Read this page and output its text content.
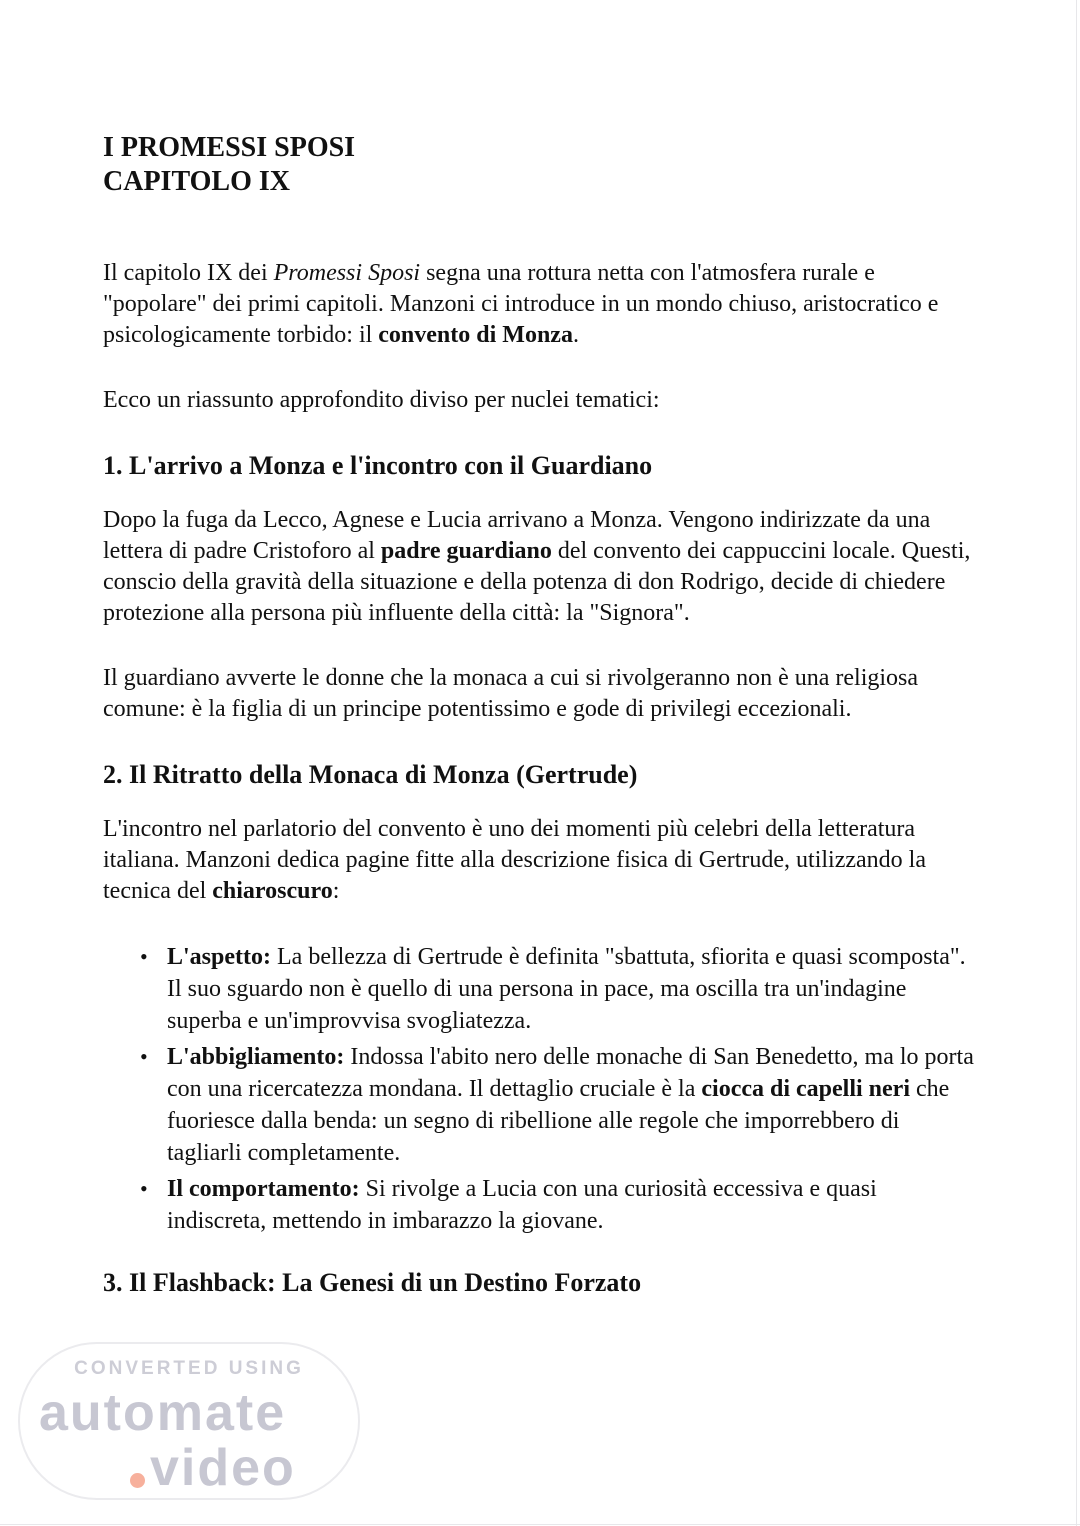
CONVERTED USING
automate
video
I PROMESSI SPOSI
CAPITOLO IX

Il capitolo IX dei Promessi Sposi segna una rottura netta con l'atmosfera rurale e "popolare" dei primi capitoli. Manzoni ci introduce in un mondo chiuso, aristocratico e psicologicamente torbido: il convento di Monza.

Ecco un riassunto approfondito diviso per nuclei tematici:

1. L'arrivo a Monza e l'incontro con il Guardiano

Dopo la fuga da Lecco, Agnese e Lucia arrivano a Monza. Vengono indirizzate da una lettera di padre Cristoforo al padre guardiano del convento dei cappuccini locale. Questi, conscio della gravità della situazione e della potenza di don Rodrigo, decide di chiedere protezione alla persona più influente della città: la "Signora".

Il guardiano avverte le donne che la monaca a cui si rivolgeranno non è una religiosa comune: è la figlia di un principe potentissimo e gode di privilegi eccezionali.

2. Il Ritratto della Monaca di Monza (Gertrude)

L'incontro nel parlatorio del convento è uno dei momenti più celebri della letteratura italiana. Manzoni dedica pagine fitte alla descrizione fisica di Gertrude, utilizzando la tecnica del chiaroscuro:

• L'aspetto: La bellezza di Gertrude è definita "sbattuta, sfiorita e quasi scomposta". Il suo sguardo non è quello di una persona in pace, ma oscilla tra un'indagine superba e un'improvvisa svogliatezza.
• L'abbigliamento: Indossa l'abito nero delle monache di San Benedetto, ma lo porta con una ricercatezza mondana. Il dettaglio cruciale è la ciocca di capelli neri che fuoriesce dalla benda: un segno di ribellione alle regole che imporrebbero di tagliarli completamente.
• Il comportamento: Si rivolge a Lucia con una curiosità eccessiva e quasi indiscreta, mettendo in imbarazzo la giovane.
3. Il Flashback: La Genesi di un Destino Forzato
